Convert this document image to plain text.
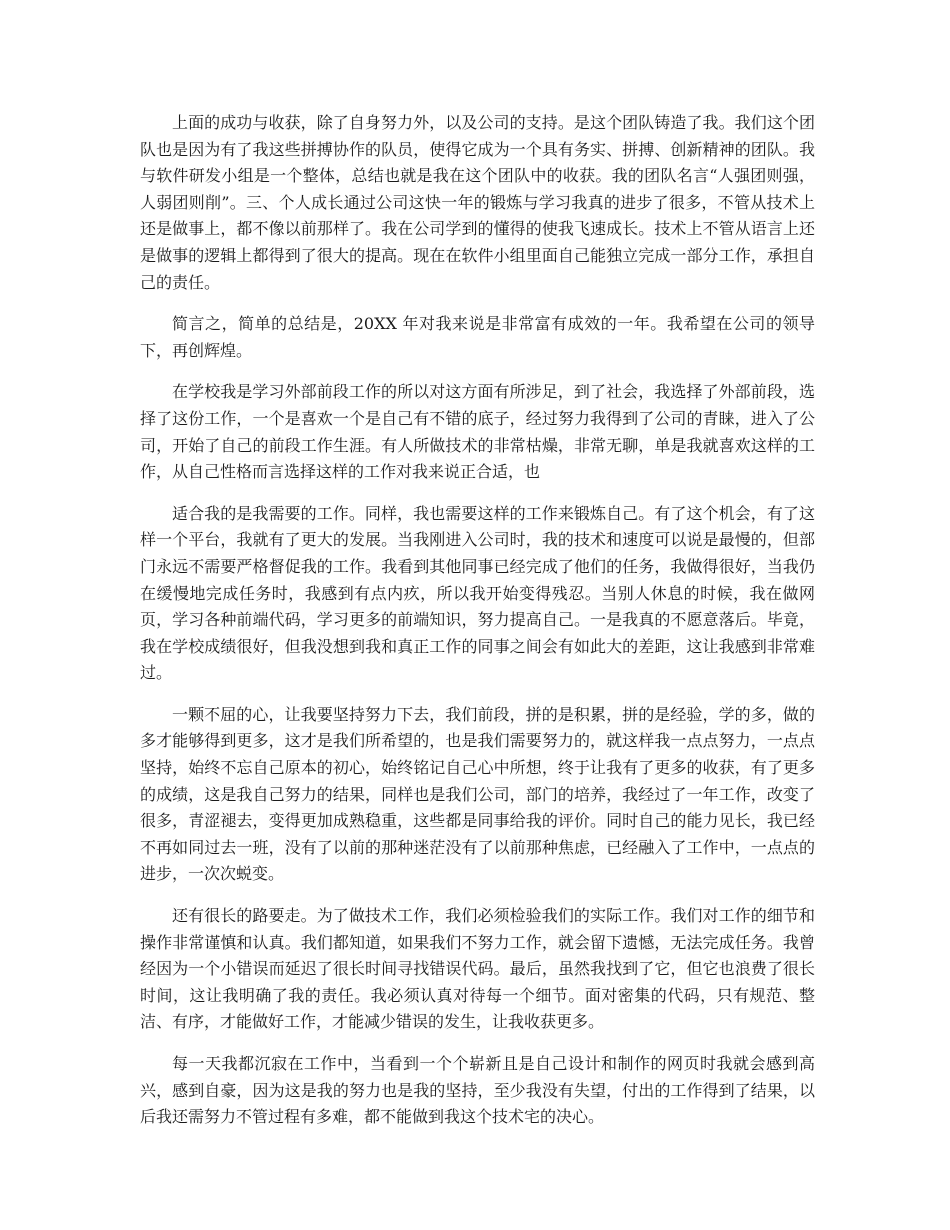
上面的成功与收获，除了自身努力外，以及公司的支持。是这个团队铸造了我。我们这个团队也是因为有了我这些拼搏协作的队员，使得它成为一个具有务实、拼搏、创新精神的团队。我与软件研发小组是一个整体，总结也就是我在这个团队中的收获。我的团队名言“人强团则强，人弱团则削”。三、个人成长通过公司这快一年的锻炼与学习我真的进步了很多，不管从技术上还是做事上，都不像以前那样了。我在公司学到的懂得的使我飞速成长。技术上不管从语言上还是做事的逻辑上都得到了很大的提高。现在在软件小组里面自己能独立完成一部分工作，承担自己的责任。

简言之，简单的总结是，20XX 年对我来说是非常富有成效的一年。我希望在公司的领导下，再创辉煌。

在学校我是学习外部前段工作的所以对这方面有所涉足，到了社会，我选择了外部前段，选择了这份工作，一个是喜欢一个是自己有不错的底子，经过努力我得到了公司的青睐，进入了公司，开始了自己的前段工作生涯。有人所做技术的非常枯燥，非常无聊，单是我就喜欢这样的工作，从自己性格而言选择这样的工作对我来说正合适，也

适合我的是我需要的工作。同样，我也需要这样的工作来锻炼自己。有了这个机会，有了这样一个平台，我就有了更大的发展。当我刚进入公司时，我的技术和速度可以说是最慢的，但部门永远不需要严格督促我的工作。我看到其他同事已经完成了他们的任务，我做得很好，当我仍在缓慢地完成任务时，我感到有点内疚，所以我开始变得残忍。当别人休息的时候，我在做网页，学习各种前端代码，学习更多的前端知识，努力提高自己。一是我真的不愿意落后。毕竟，我在学校成绩很好，但我没想到我和真正工作的同事之间会有如此大的差距，这让我感到非常难过。

一颗不屈的心，让我要坚持努力下去，我们前段，拼的是积累，拼的是经验，学的多，做的多才能够得到更多，这才是我们所希望的，也是我们需要努力的，就这样我一点点努力，一点点坚持，始终不忘自己原本的初心，始终铭记自己心中所想，终于让我有了更多的收获，有了更多的成绩，这是我自己努力的结果，同样也是我们公司，部门的培养，我经过了一年工作，改变了很多，青涩褪去，变得更加成熟稳重，这些都是同事给我的评价。同时自己的能力见长，我已经不再如同过去一班，没有了以前的那种迷茫没有了以前那种焦虑，已经融入了工作中，一点点的进步，一次次蜕变。

还有很长的路要走。为了做技术工作，我们必须检验我们的实际工作。我们对工作的细节和操作非常谨慎和认真。我们都知道，如果我们不努力工作，就会留下遗憾，无法完成任务。我曾经因为一个小错误而延迟了很长时间寻找错误代码。最后，虽然我找到了它，但它也浪费了很长时间，这让我明确了我的责任。我必须认真对待每一个细节。面对密集的代码，只有规范、整洁、有序，才能做好工作，才能减少错误的发生，让我收获更多。

每一天我都沉寂在工作中，当看到一个个崭新且是自己设计和制作的网页时我就会感到高兴，感到自豪，因为这是我的努力也是我的坚持，至少我没有失望，付出的工作得到了结果，以后我还需努力不管过程有多难，都不能做到我这个技术宅的决心。
